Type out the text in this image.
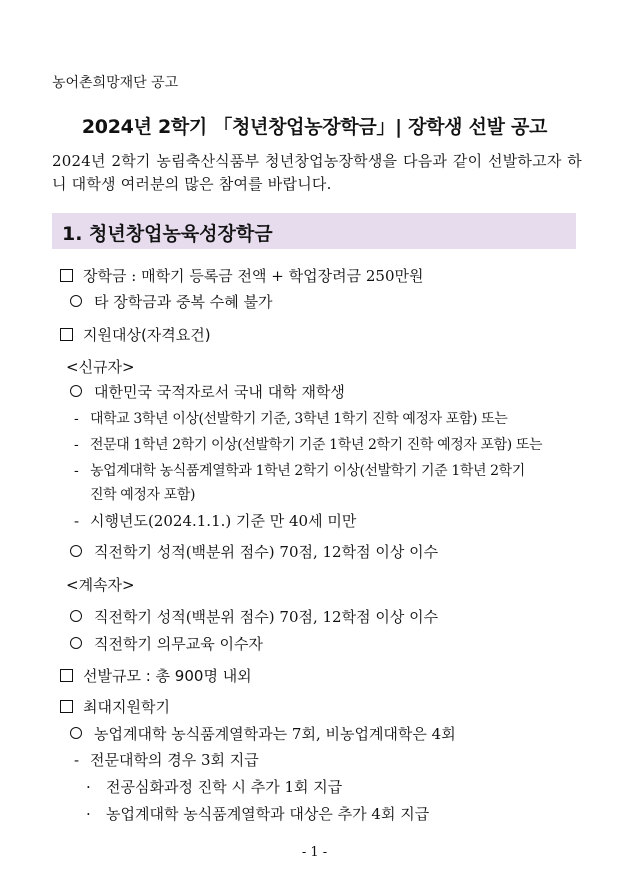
농어촌희망재단 공고
2024년 2학기 「청년창업농장학금」| 장학생 선발 공고
2024년 2학기 농림축산식품부 청년창업농장학생을 다음과 같이 선발하고자 하니 대학생 여러분의 많은 참여를 바랍니다.
1. 청년창업농육성장학금
장학금 : 매학기 등록금 전액 + 학업장려금 250만원
타 장학금과 중복 수혜 불가
지원대상(자격요건)
<신규자>
대한민국 국적자로서 국내 대학 재학생
- 대학교 3학년 이상(선발학기 기준, 3학년 1학기 진학 예정자 포함) 또는
- 전문대 1학년 2학기 이상(선발학기 기준 1학년 2학기 진학 예정자 포함) 또는
- 농업계대학 농식품계열학과 1학년 2학기 이상(선발학기 기준 1학년 2학기
진학 예정자 포함)
- 시행년도(2024.1.1.) 기준 만 40세 미만
직전학기 성적(백분위 점수) 70점, 12학점 이상 이수
<계속자>
직전학기 성적(백분위 점수) 70점, 12학점 이상 이수
직전학기 의무교육 이수자
선발규모 : 총 900명 내외
최대지원학기
농업계대학 농식품계열학과는 7회, 비농업계대학은 4회
- 전문대학의 경우 3회 지급
· 전공심화과정 진학 시 추가 1회 지급
· 농업계대학 농식품계열학과 대상은 추가 4회 지급
- 1 -
